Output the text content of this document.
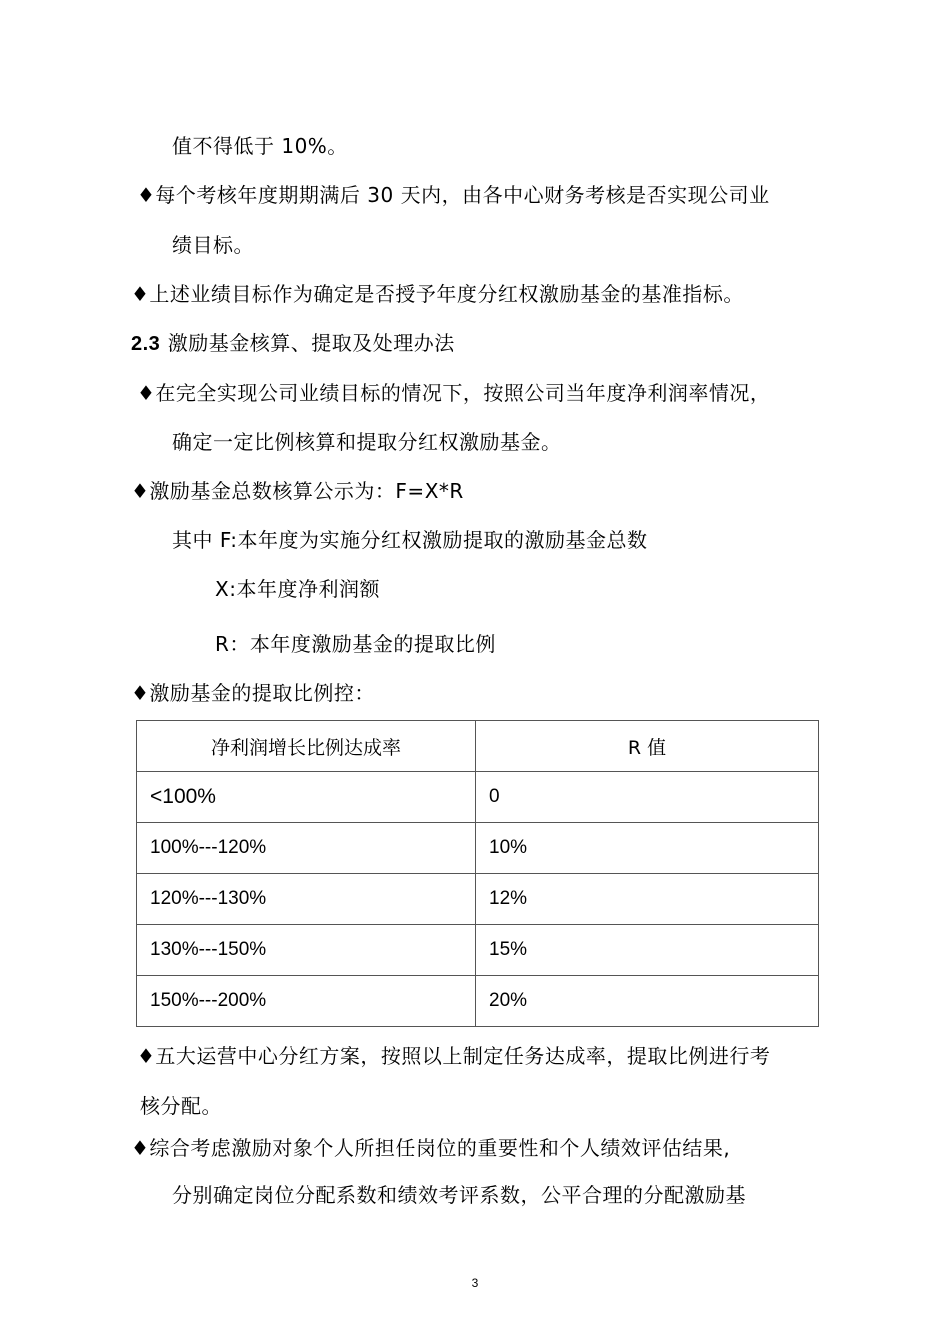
值不得低于 10%。
♦每个考核年度期期满后 30 天内，由各中心财务考核是否实现公司业
绩目标。
♦上述业绩目标作为确定是否授予年度分红权激励基金的基准指标。
2.3 激励基金核算、提取及处理办法
♦在完全实现公司业绩目标的情况下，按照公司当年度净利润率情况，
确定一定比例核算和提取分红权激励基金。
♦激励基金总数核算公示为：F=X*R
其中 F:本年度为实施分红权激励提取的激励基金总数
X:本年度净利润额
R：本年度激励基金的提取比例
♦激励基金的提取比例控：
净利润增长比例达成率	R 值
<100%	0
100%---120%	10%
120%---130%	12%
130%---150%	15%
150%---200%	20%
♦五大运营中心分红方案，按照以上制定任务达成率，提取比例进行考
核分配。
♦综合考虑激励对象个人所担任岗位的重要性和个人绩效评估结果,
分别确定岗位分配系数和绩效考评系数，公平合理的分配激励基
3
